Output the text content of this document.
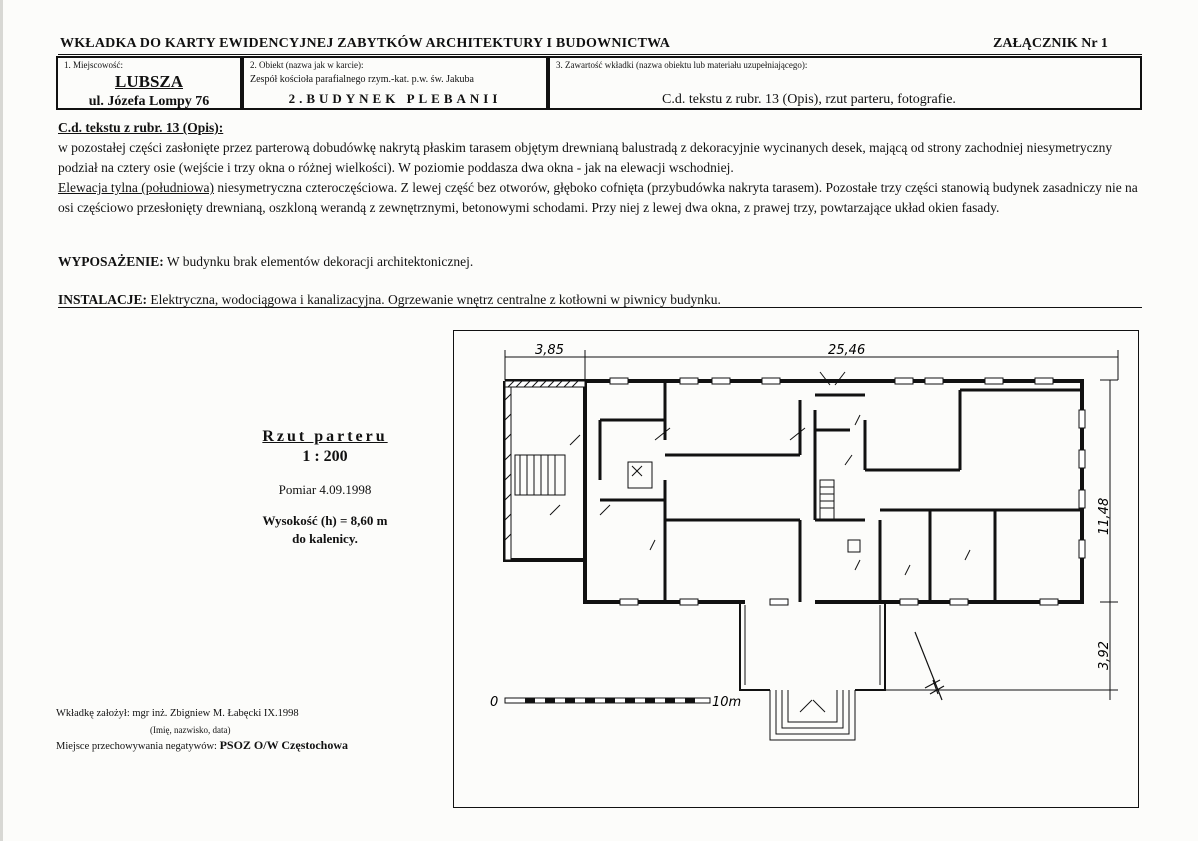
WKŁADKA DO KARTY EWIDENCYJNEJ ZABYTKÓW ARCHITEKTURY I BUDOWNICTWA	ZAŁĄCZNIK Nr 1
1. Miejscowość:
LUBSZA
ul. Józefa Lompy 76
2. Obiekt (nazwa jak w karcie):
Zespół kościoła parafialnego rzym.-kat. p.w. św. Jakuba
2.BUDYNEK PLEBANII
3. Zawartość wkładki (nazwa obiektu lub materiału uzupełniającego):
C.d. tekstu z rubr. 13 (Opis), rzut parteru, fotografie.
C.d. tekstu z rubr. 13 (Opis):
w pozostałej części zasłonięte przez parterową dobudówkę nakrytą płaskim tarasem objętym drewnianą balustradą z dekoracyjnie wycinanych desek, mającą od strony zachodniej niesymetryczny podział na cztery osie (wejście i trzy okna o różnej wielkości). W poziomie poddasza dwa okna - jak na elewacji wschodniej.
Elewacja tylna (południowa) niesymetryczna czteroczęściowa. Z lewej część bez otworów, głęboko cofnięta (przybudówka nakryta tarasem). Pozostałe trzy części stanowią budynek zasadniczy nie na osi częściowo przesłonięty drewnianą, oszkloną werandą z zewnętrznymi, betonowymi schodami. Przy niej z lewej dwa okna, z prawej trzy, powtarzające układ okien fasady.
WYPOSAŻENIE: W budynku brak elementów dekoracji architektonicznej.
INSTALACJE: Elektryczna, wodociągowa i kanalizacyjna. Ogrzewanie wnętrz centralne z kotłowni w piwnicy budynku.
Rzut parteru
1 : 200
Pomiar 4.09.1998
Wysokość (h) = 8,60 m
do kalenicy.
3,85	25,46
11,48
3,92
0	10m
Wkładkę założył: mgr inż. Zbigniew M. Łabęcki IX.1998
(Imię, nazwisko, data)
Miejsce przechowywania negatywów: PSOZ O/W Częstochowa
